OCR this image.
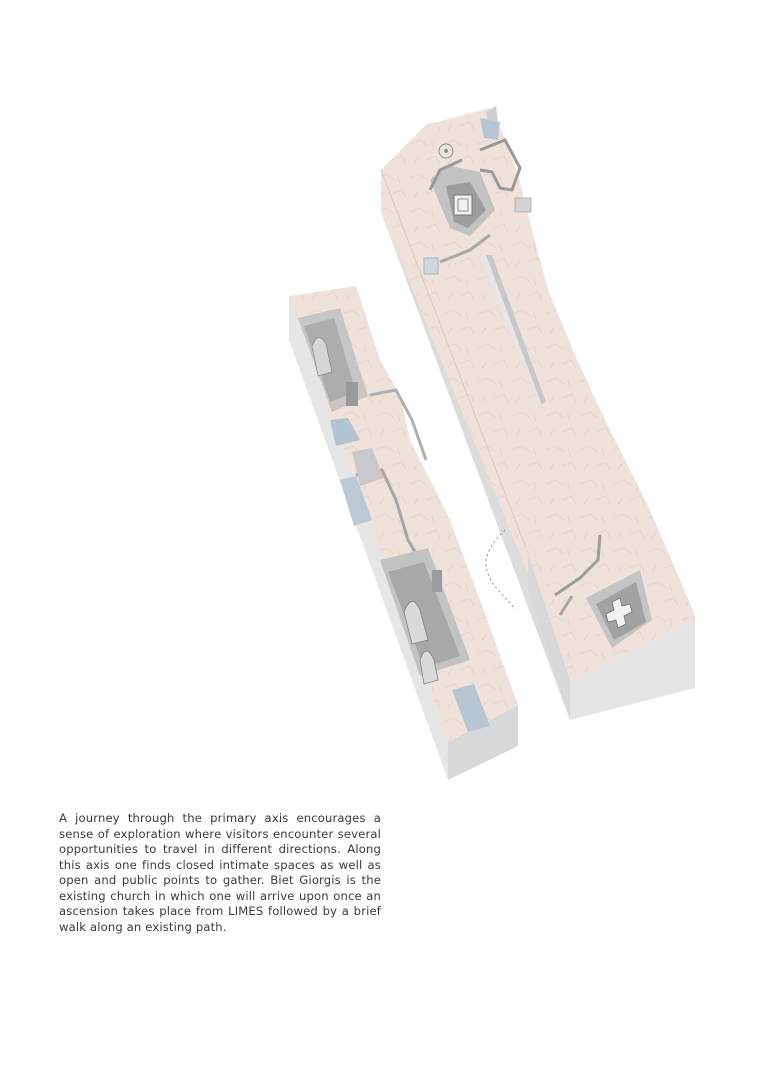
A journey through the primary axis encourages a sense of exploration where visitors encounter several opportunities to travel in different directions. Along this axis one finds closed intimate spaces as well as open and public points to gather. Biet Giorgis is the existing church in which one will arrive upon once an ascension takes place from LIMES followed by a brief walk along an existing path.
